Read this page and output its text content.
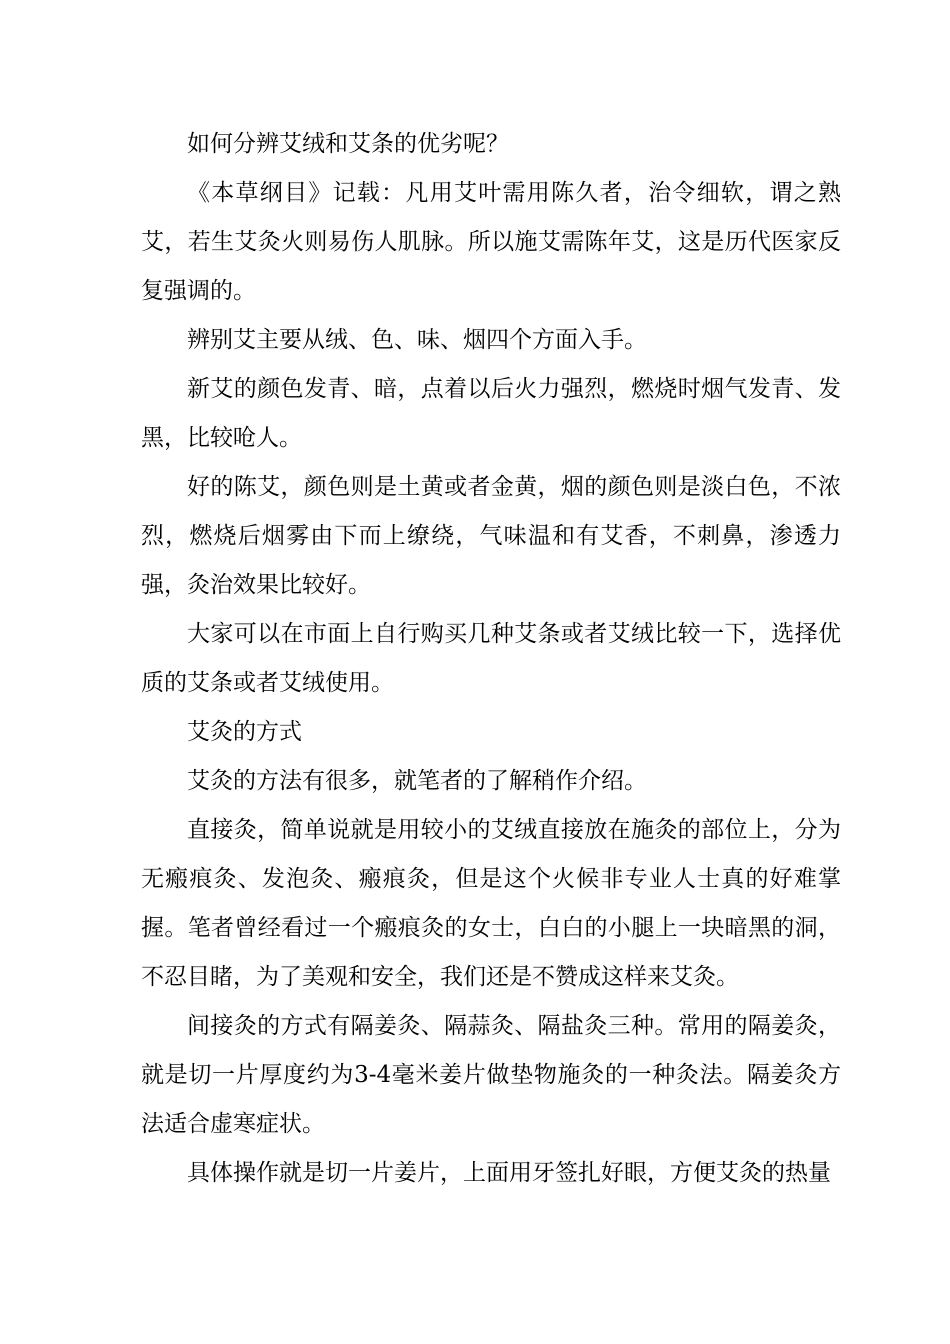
如何分辨艾绒和艾条的优劣呢？

《本草纲目》记载：凡用艾叶需用陈久者，治令细软，谓之熟艾，若生艾灸火则易伤人肌脉。所以施艾需陈年艾，这是历代医家反复强调的。

辨别艾主要从绒、色、味、烟四个方面入手。

新艾的颜色发青、暗，点着以后火力强烈，燃烧时烟气发青、发黑，比较呛人。

好的陈艾，颜色则是土黄或者金黄，烟的颜色则是淡白色，不浓烈，燃烧后烟雾由下而上缭绕，气味温和有艾香，不刺鼻，渗透力强，灸治效果比较好。

大家可以在市面上自行购买几种艾条或者艾绒比较一下，选择优质的艾条或者艾绒使用。

艾灸的方式

艾灸的方法有很多，就笔者的了解稍作介绍。

直接灸，简单说就是用较小的艾绒直接放在施灸的部位上，分为无瘢痕灸、发泡灸、瘢痕灸，但是这个火候非专业人士真的好难掌握。笔者曾经看过一个瘢痕灸的女士，白白的小腿上一块暗黑的洞，不忍目睹，为了美观和安全，我们还是不赞成这样来艾灸。

间接灸的方式有隔姜灸、隔蒜灸、隔盐灸三种。常用的隔姜灸，就是切一片厚度约为3-4毫米姜片做垫物施灸的一种灸法。隔姜灸方法适合虚寒症状。

具体操作就是切一片姜片，上面用牙签扎好眼，方便艾灸的热量
